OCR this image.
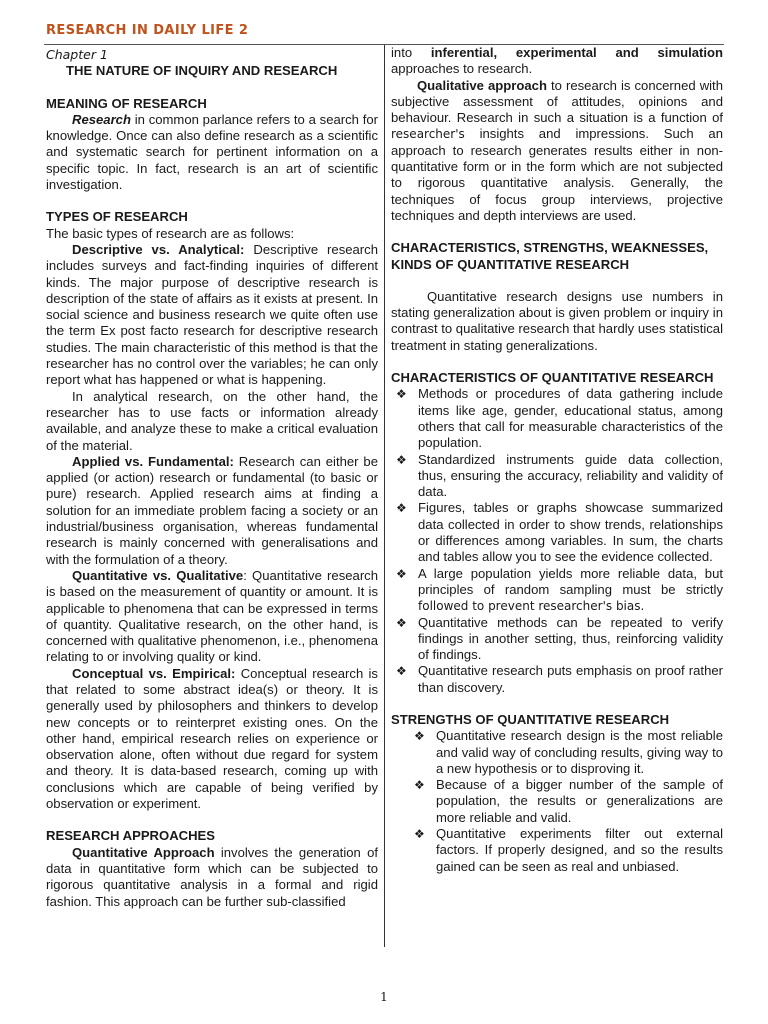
RESEARCH IN DAILY LIFE 2

Chapter 1

THE NATURE OF INQUIRY AND RESEARCH

MEANING OF RESEARCH

Research in common parlance refers to a search for knowledge. Once can also define research as a scientific and systematic search for pertinent information on a specific topic. In fact, research is an art of scientific investigation.

TYPES OF RESEARCH

The basic types of research are as follows:

Descriptive vs. Analytical: Descriptive research includes surveys and fact-finding inquiries of different kinds. The major purpose of descriptive research is description of the state of affairs as it exists at present. In social science and business research we quite often use the term Ex post facto research for descriptive research studies. The main characteristic of this method is that the researcher has no control over the variables; he can only report what has happened or what is happening.

In analytical research, on the other hand, the researcher has to use facts or information already available, and analyze these to make a critical evaluation of the material.

Applied vs. Fundamental: Research can either be applied (or action) research or fundamental (to basic or pure) research. Applied research aims at finding a solution for an immediate problem facing a society or an industrial/business organisation, whereas fundamental research is mainly concerned with generalisations and with the formulation of a theory.

Quantitative vs. Qualitative: Quantitative research is based on the measurement of quantity or amount. It is applicable to phenomena that can be expressed in terms of quantity. Qualitative research, on the other hand, is concerned with qualitative phenomenon, i.e., phenomena relating to or involving quality or kind.

Conceptual vs. Empirical: Conceptual research is that related to some abstract idea(s) or theory. It is generally used by philosophers and thinkers to develop new concepts or to reinterpret existing ones. On the other hand, empirical research relies on experience or observation alone, often without due regard for system and theory. It is data-based research, coming up with conclusions which are capable of being verified by observation or experiment.

RESEARCH APPROACHES

Quantitative Approach involves the generation of data in quantitative form which can be subjected to rigorous quantitative analysis in a formal and rigid fashion. This approach can be further sub-classified

into inferential, experimental and simulation approaches to research.

Qualitative approach to research is concerned with subjective assessment of attitudes, opinions and behaviour. Research in such a situation is a function of researcher's insights and impressions. Such an approach to research generates results either in non-quantitative form or in the form which are not subjected to rigorous quantitative analysis. Generally, the techniques of focus group interviews, projective techniques and depth interviews are used.

CHARACTERISTICS, STRENGTHS, WEAKNESSES, KINDS OF QUANTITATIVE RESEARCH

Quantitative research designs use numbers in stating generalization about is given problem or inquiry in contrast to qualitative research that hardly uses statistical treatment in stating generalizations.

CHARACTERISTICS OF QUANTITATIVE RESEARCH
❖ Methods or procedures of data gathering include items like age, gender, educational status, among others that call for measurable characteristics of the population.
❖ Standardized instruments guide data collection, thus, ensuring the accuracy, reliability and validity of data.
❖ Figures, tables or graphs showcase summarized data collected in order to show trends, relationships or differences among variables. In sum, the charts and tables allow you to see the evidence collected.
❖ A large population yields more reliable data, but principles of random sampling must be strictly followed to prevent researcher's bias.
❖ Quantitative methods can be repeated to verify findings in another setting, thus, reinforcing validity of findings.
❖ Quantitative research puts emphasis on proof rather than discovery.
STRENGTHS OF QUANTITATIVE RESEARCH
❖ Quantitative research design is the most reliable and valid way of concluding results, giving way to a new hypothesis or to disproving it.
❖ Because of a bigger number of the sample of population, the results or generalizations are more reliable and valid.
❖ Quantitative experiments filter out external factors. If properly designed, and so the results gained can be seen as real and unbiased.
1
